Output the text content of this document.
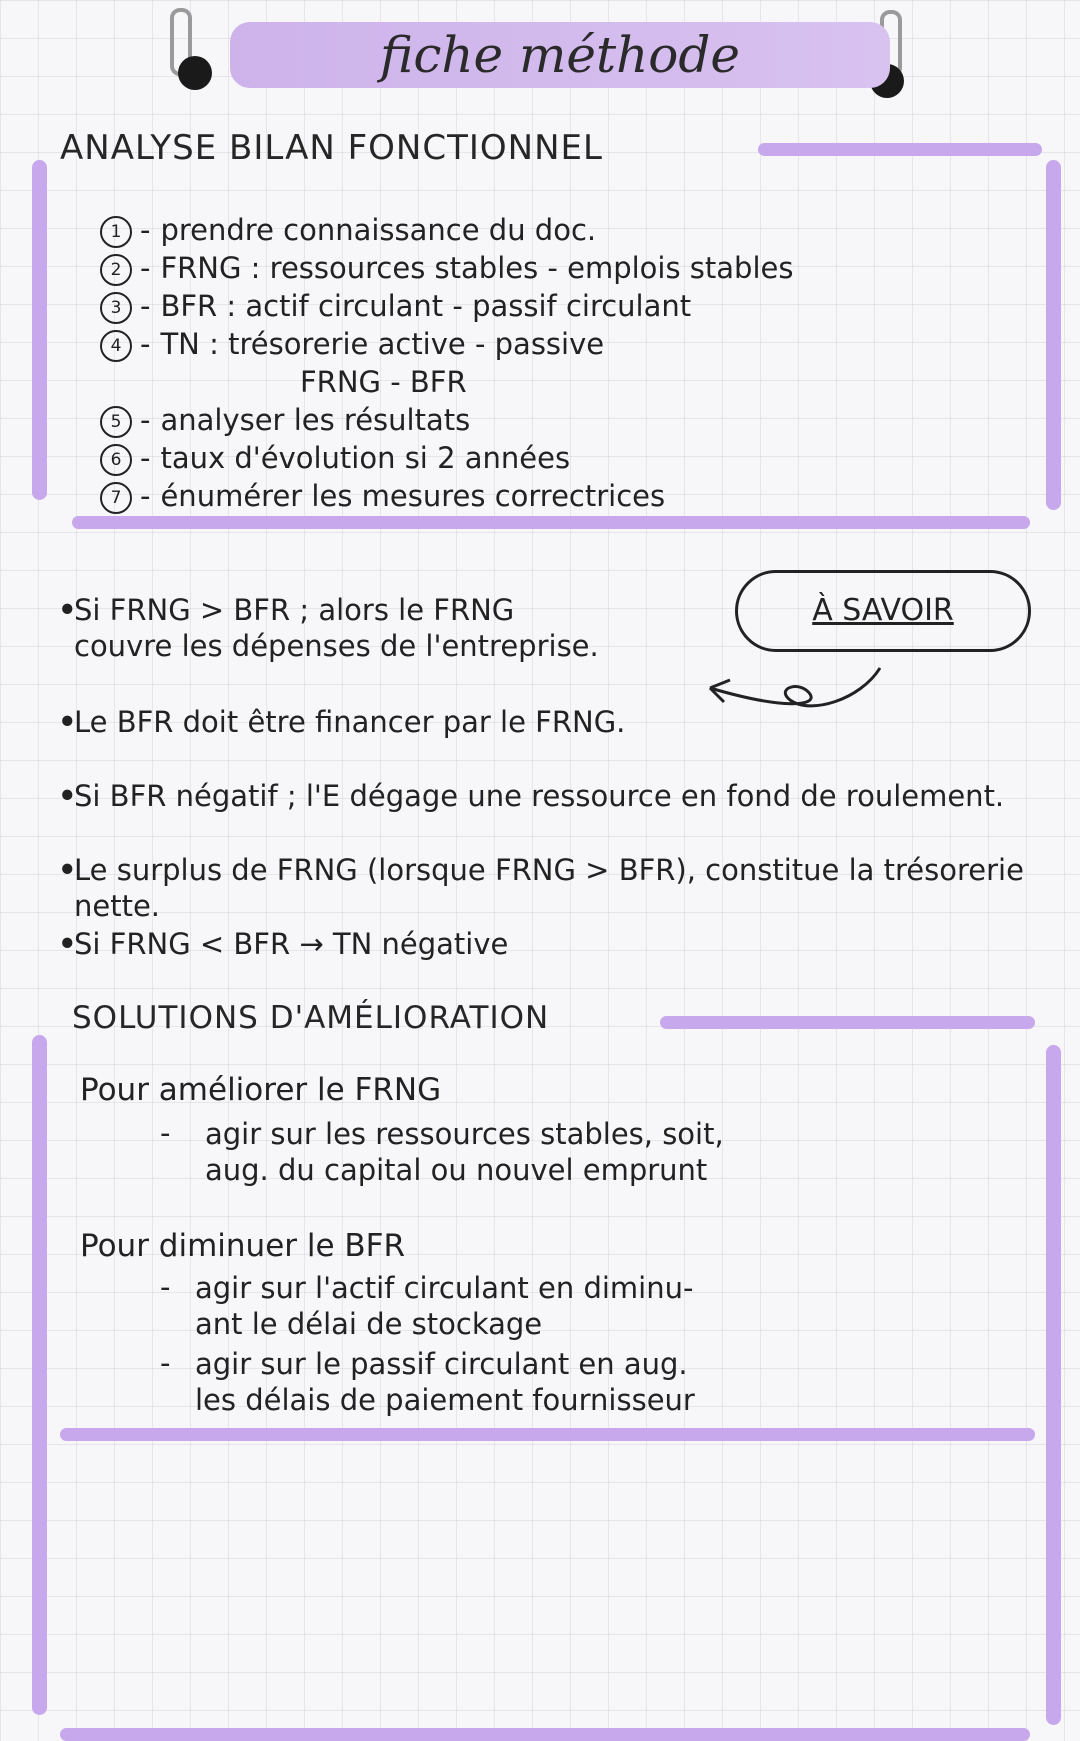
fiche méthode
ANALYSE BILAN FONCTIONNEL
1 - prendre connaissance du doc.
2 - FRNG : ressources stables - emplois stables
3 - BFR : actif circulant - passif circulant
4 - TN : trésorerie active - passive
FRNG - BFR
5 - analyser les résultats
6 - taux d'évolution si 2 années
7 - énumérer les mesures correctrices
À SAVOIR
•
Si FRNG > BFR ; alors le FRNG couvre les dépenses de l'entreprise.
•
Le BFR doit être financer par le FRNG.
•
Si BFR négatif ; l'E dégage une ressource en fond de roulement.
•
Le surplus de FRNG (lorsque FRNG > BFR), constitue la trésorerie nette.
•
Si FRNG < BFR → TN négative
SOLUTIONS D'AMÉLIORATION
Pour améliorer le FRNG
- agir sur les ressources stables, soit,
aug. du capital ou nouvel emprunt
Pour diminuer le BFR
- agir sur l'actif circulant en diminu-
ant le délai de stockage
- agir sur le passif circulant en aug.
les délais de paiement fournisseur
